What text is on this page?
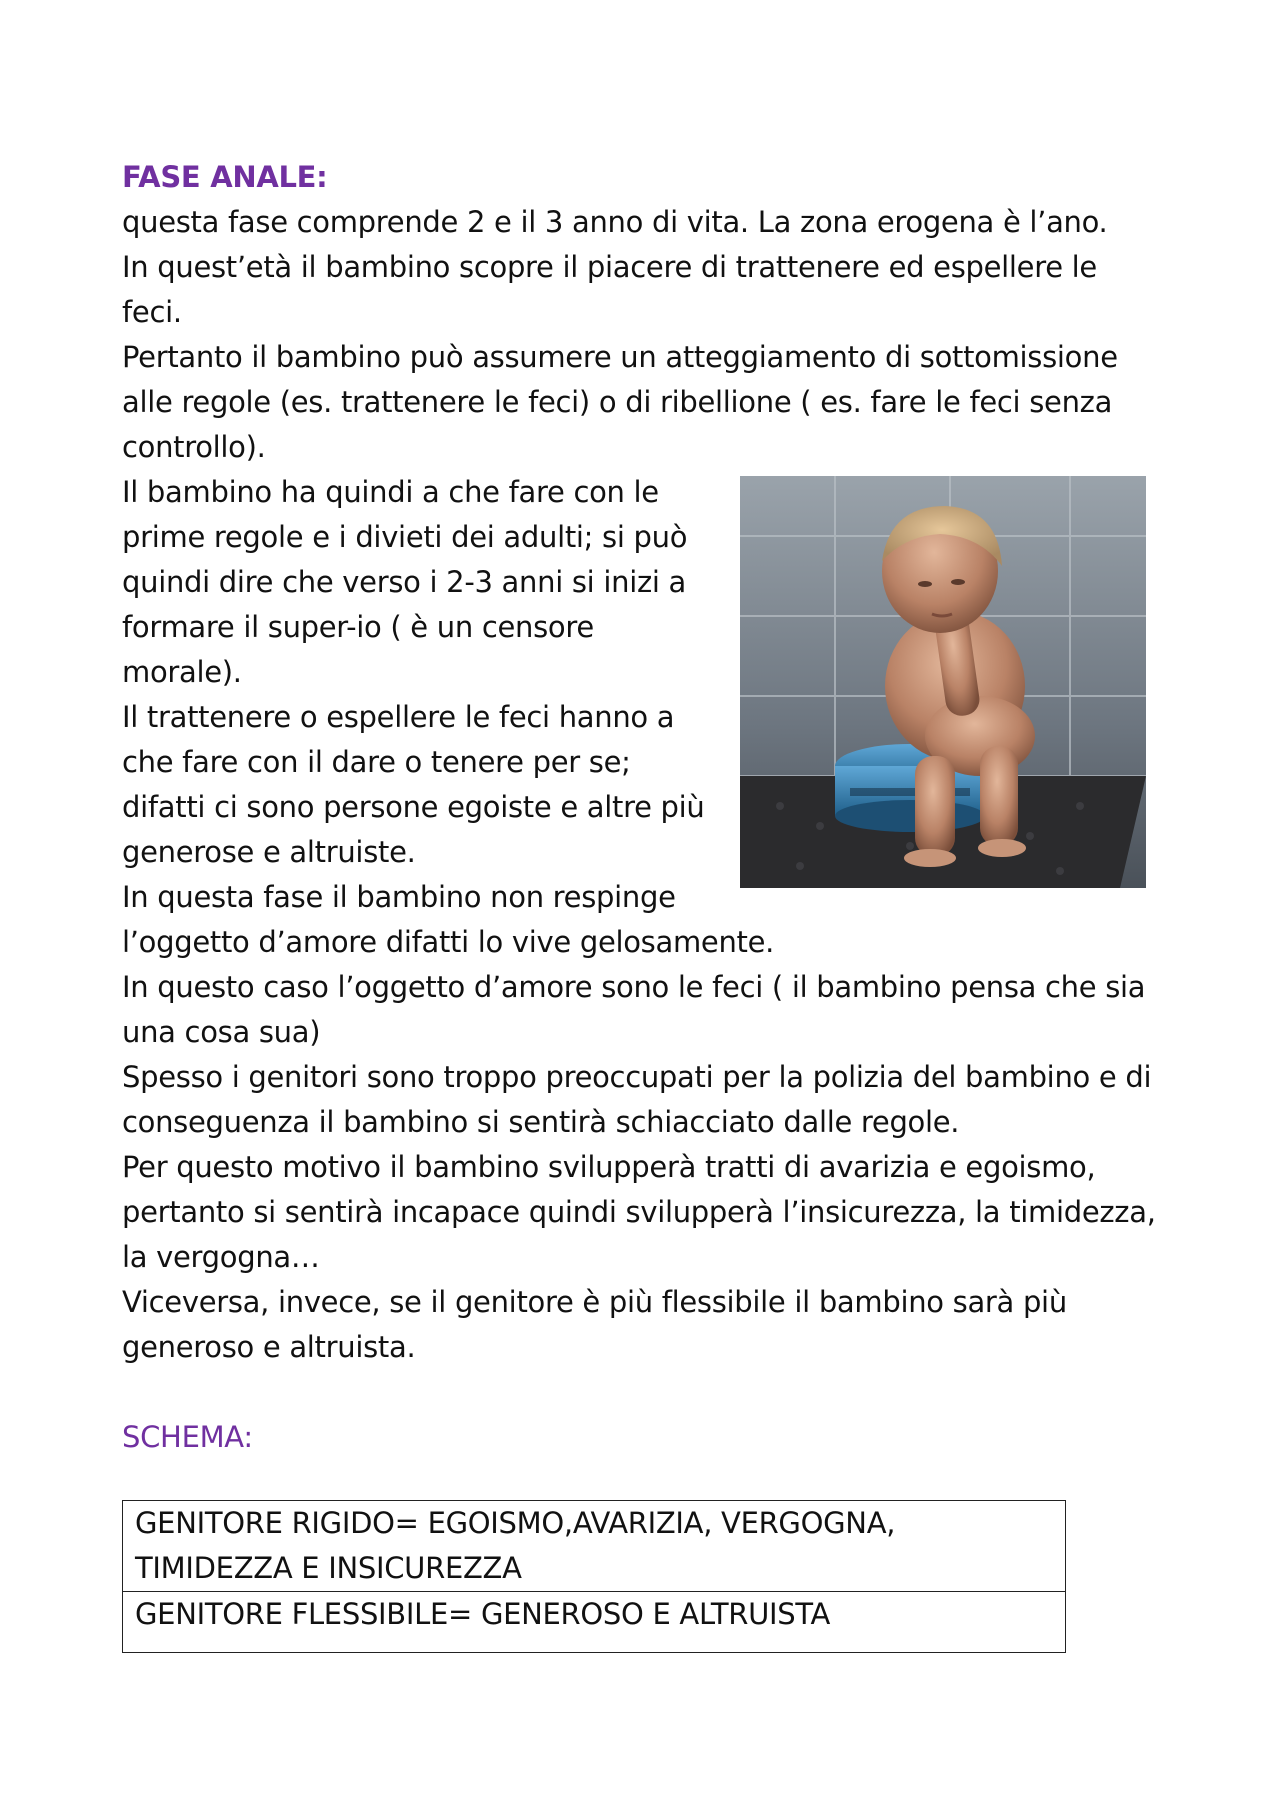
FASE ANALE:

questa fase comprende 2 e il 3 anno di vita. La zona erogena è l’ano.

In quest’età il bambino scopre il piacere di trattenere ed espellere le feci.

Pertanto il bambino può assumere un atteggiamento di sottomissione alle regole (es. trattenere le feci) o di ribellione ( es. fare le feci senza controllo).

Il bambino ha quindi a che fare con le prime regole e i divieti dei adulti; si può quindi dire che verso i 2-3 anni si inizi a formare il super-io ( è un censore morale).

Il trattenere o espellere le feci hanno a che fare con il dare o tenere per se; difatti ci sono persone egoiste e altre più generose e altruiste.

In questa fase il bambino non respinge

l’oggetto d’amore difatti lo vive gelosamente.

In questo caso l’oggetto d’amore sono le feci ( il bambino pensa che sia una cosa sua)

Spesso i genitori sono troppo preoccupati per la polizia del bambino e di conseguenza il bambino si sentirà schiacciato dalle regole.

Per questo motivo il bambino svilupperà tratti di avarizia e egoismo, pertanto si sentirà incapace quindi svilupperà l’insicurezza, la timidezza, la vergogna…

Viceversa, invece, se il genitore è più flessibile il bambino sarà più generoso e altruista.

SCHEMA:

GENITORE RIGIDO= EGOISMO,AVARIZIA, VERGOGNA, TIMIDEZZA E INSICUREZZA
GENITORE FLESSIBILE= GENEROSO E ALTRUISTA
